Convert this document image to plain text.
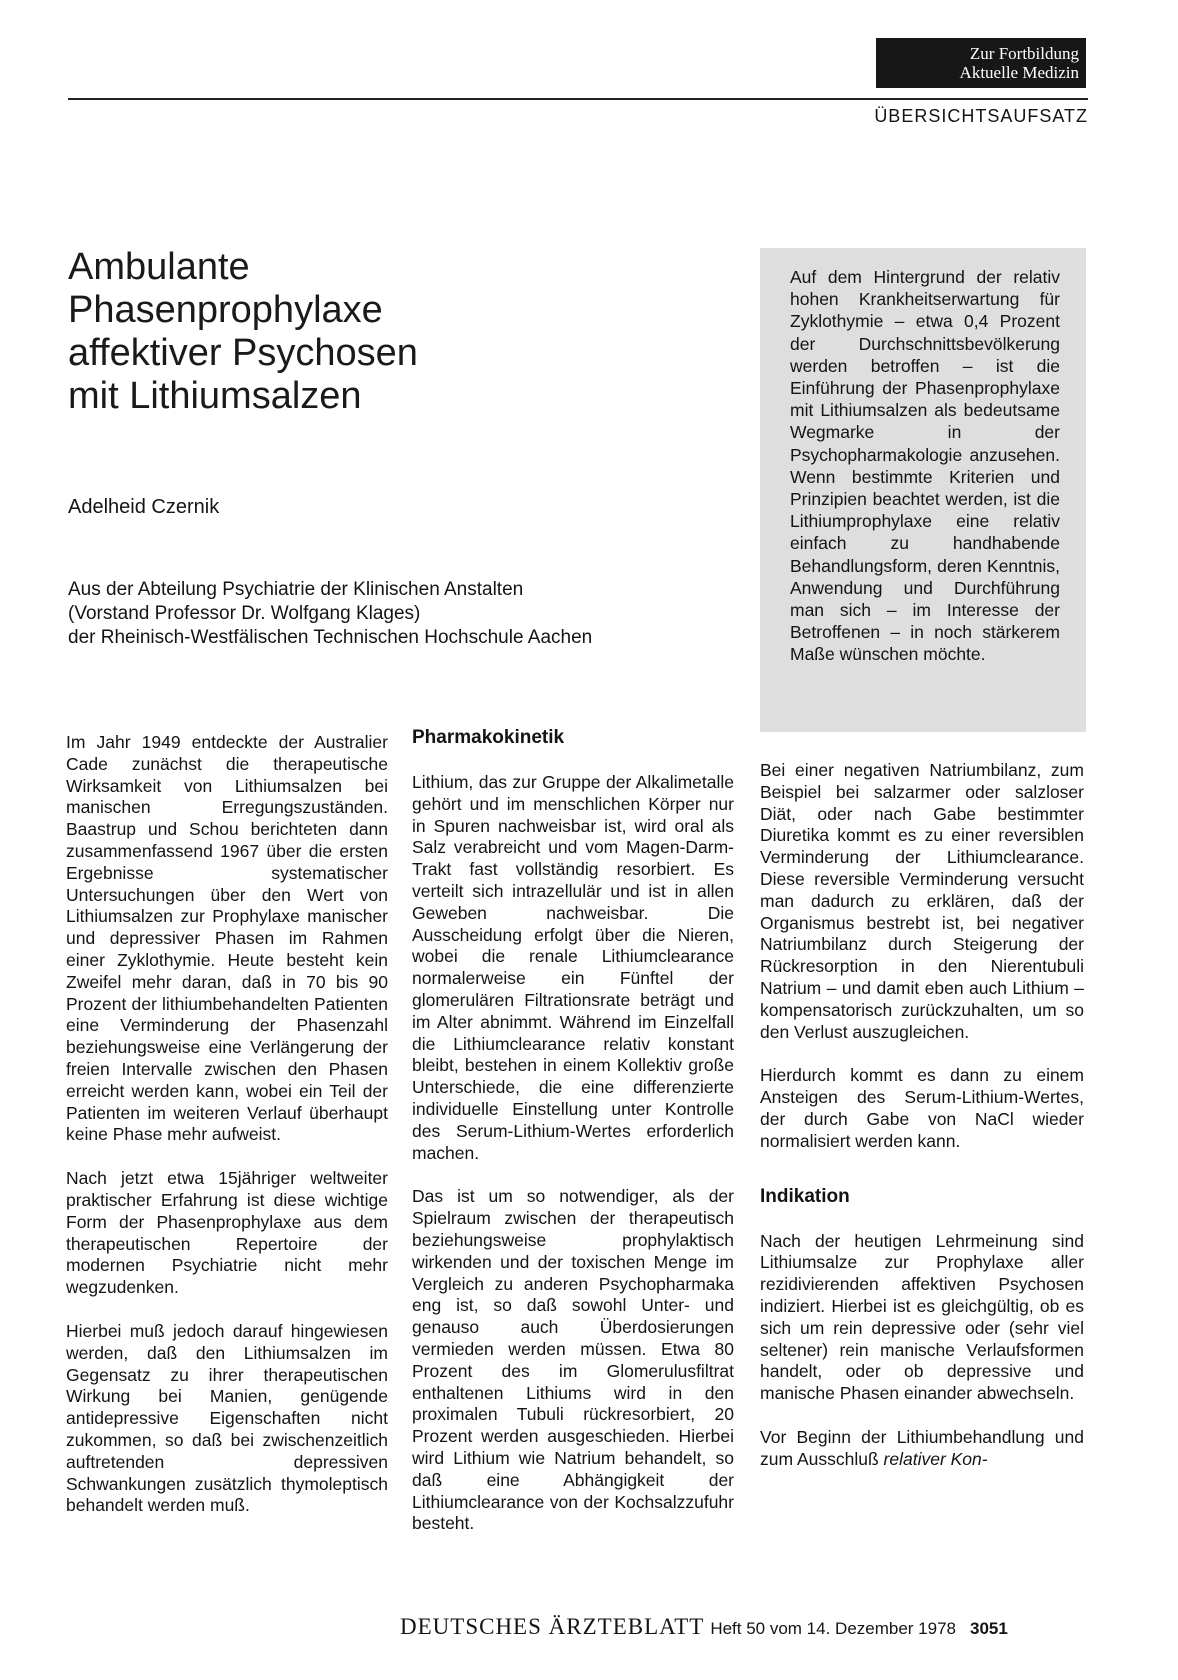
Zur Fortbildung
Aktuelle Medizin
ÜBERSICHTSAUFSATZ
Ambulante
Phasenprophylaxe
affektiver Psychosen
mit Lithiumsalzen
Adelheid Czernik
Aus der Abteilung Psychiatrie der Klinischen Anstalten
(Vorstand Professor Dr. Wolfgang Klages)
der Rheinisch-Westfälischen Technischen Hochschule Aachen

Auf dem Hintergrund der relativ hohen Krankheitserwartung für Zyklothymie – etwa 0,4 Prozent der Durchschnittsbevölkerung werden betroffen – ist die Einführung der Phasenprophylaxe mit Lithiumsalzen als bedeutsame Wegmarke in der Psychopharmakologie anzusehen. Wenn bestimmte Kriterien und Prinzipien beachtet werden, ist die Lithiumprophylaxe eine relativ einfach zu handhabende Behandlungsform, deren Kenntnis, Anwendung und Durchführung man sich – im Interesse der Betroffenen – in noch stärkerem Maße wünschen möchte.

Im Jahr 1949 entdeckte der Australier Cade zunächst die therapeutische Wirksamkeit von Lithiumsalzen bei manischen Erregungszuständen. Baastrup und Schou berichteten dann zusammenfassend 1967 über die ersten Ergebnisse systematischer Untersuchungen über den Wert von Lithiumsalzen zur Prophylaxe manischer und depressiver Phasen im Rahmen einer Zyklothymie. Heute besteht kein Zweifel mehr daran, daß in 70 bis 90 Prozent der lithiumbehandelten Patienten eine Verminderung der Phasenzahl beziehungsweise eine Verlängerung der freien Intervalle zwischen den Phasen erreicht werden kann, wobei ein Teil der Patienten im weiteren Verlauf überhaupt keine Phase mehr aufweist.

Nach jetzt etwa 15jähriger weltweiter praktischer Erfahrung ist diese wichtige Form der Phasenprophylaxe aus dem therapeutischen Repertoire der modernen Psychiatrie nicht mehr wegzudenken.

Hierbei muß jedoch darauf hingewiesen werden, daß den Lithiumsalzen im Gegensatz zu ihrer therapeutischen Wirkung bei Manien, genügende antidepressive Eigenschaften nicht zukommen, so daß bei zwischenzeitlich auftretenden depressiven Schwankungen zusätzlich thymoleptisch behandelt werden muß.

Pharmakokinetik

Lithium, das zur Gruppe der Alkalimetalle gehört und im menschlichen Körper nur in Spuren nachweisbar ist, wird oral als Salz verabreicht und vom Magen-Darm-Trakt fast vollständig resorbiert. Es verteilt sich intrazellulär und ist in allen Geweben nachweisbar. Die Ausscheidung erfolgt über die Nieren, wobei die renale Lithiumclearance normalerweise ein Fünftel der glomerulären Filtrationsrate beträgt und im Alter abnimmt. Während im Einzelfall die Lithiumclearance relativ konstant bleibt, bestehen in einem Kollektiv große Unterschiede, die eine differenzierte individuelle Einstellung unter Kontrolle des Serum-Lithium-Wertes erforderlich machen.

Das ist um so notwendiger, als der Spielraum zwischen der therapeutisch beziehungsweise prophylaktisch wirkenden und der toxischen Menge im Vergleich zu anderen Psychopharmaka eng ist, so daß sowohl Unter- und genauso auch Überdosierungen vermieden werden müssen. Etwa 80 Prozent des im Glomerulusfiltrat enthaltenen Lithiums wird in den proximalen Tubuli rückresorbiert, 20 Prozent werden ausgeschieden. Hierbei wird Lithium wie Natrium behandelt, so daß eine Abhängigkeit der Lithiumclearance von der Kochsalzzufuhr besteht.

Bei einer negativen Natriumbilanz, zum Beispiel bei salzarmer oder salzloser Diät, oder nach Gabe bestimmter Diuretika kommt es zu einer reversiblen Verminderung der Lithiumclearance. Diese reversible Verminderung versucht man dadurch zu erklären, daß der Organismus bestrebt ist, bei negativer Natriumbilanz durch Steigerung der Rückresorption in den Nierentubuli Natrium – und damit eben auch Lithium – kompensatorisch zurückzuhalten, um so den Verlust auszugleichen.

Hierdurch kommt es dann zu einem Ansteigen des Serum-Lithium-Wertes, der durch Gabe von NaCl wieder normalisiert werden kann.

Indikation

Nach der heutigen Lehrmeinung sind Lithiumsalze zur Prophylaxe aller rezidivierenden affektiven Psychosen indiziert. Hierbei ist es gleichgültig, ob es sich um rein depressive oder (sehr viel seltener) rein manische Verlaufsformen handelt, oder ob depressive und manische Phasen einander abwechseln.

Vor Beginn der Lithiumbehandlung und zum Ausschluß relativer Kon-

DEUTSCHES ÄRZTEBLATT Heft 50 vom 14. Dezember 1978 3051
